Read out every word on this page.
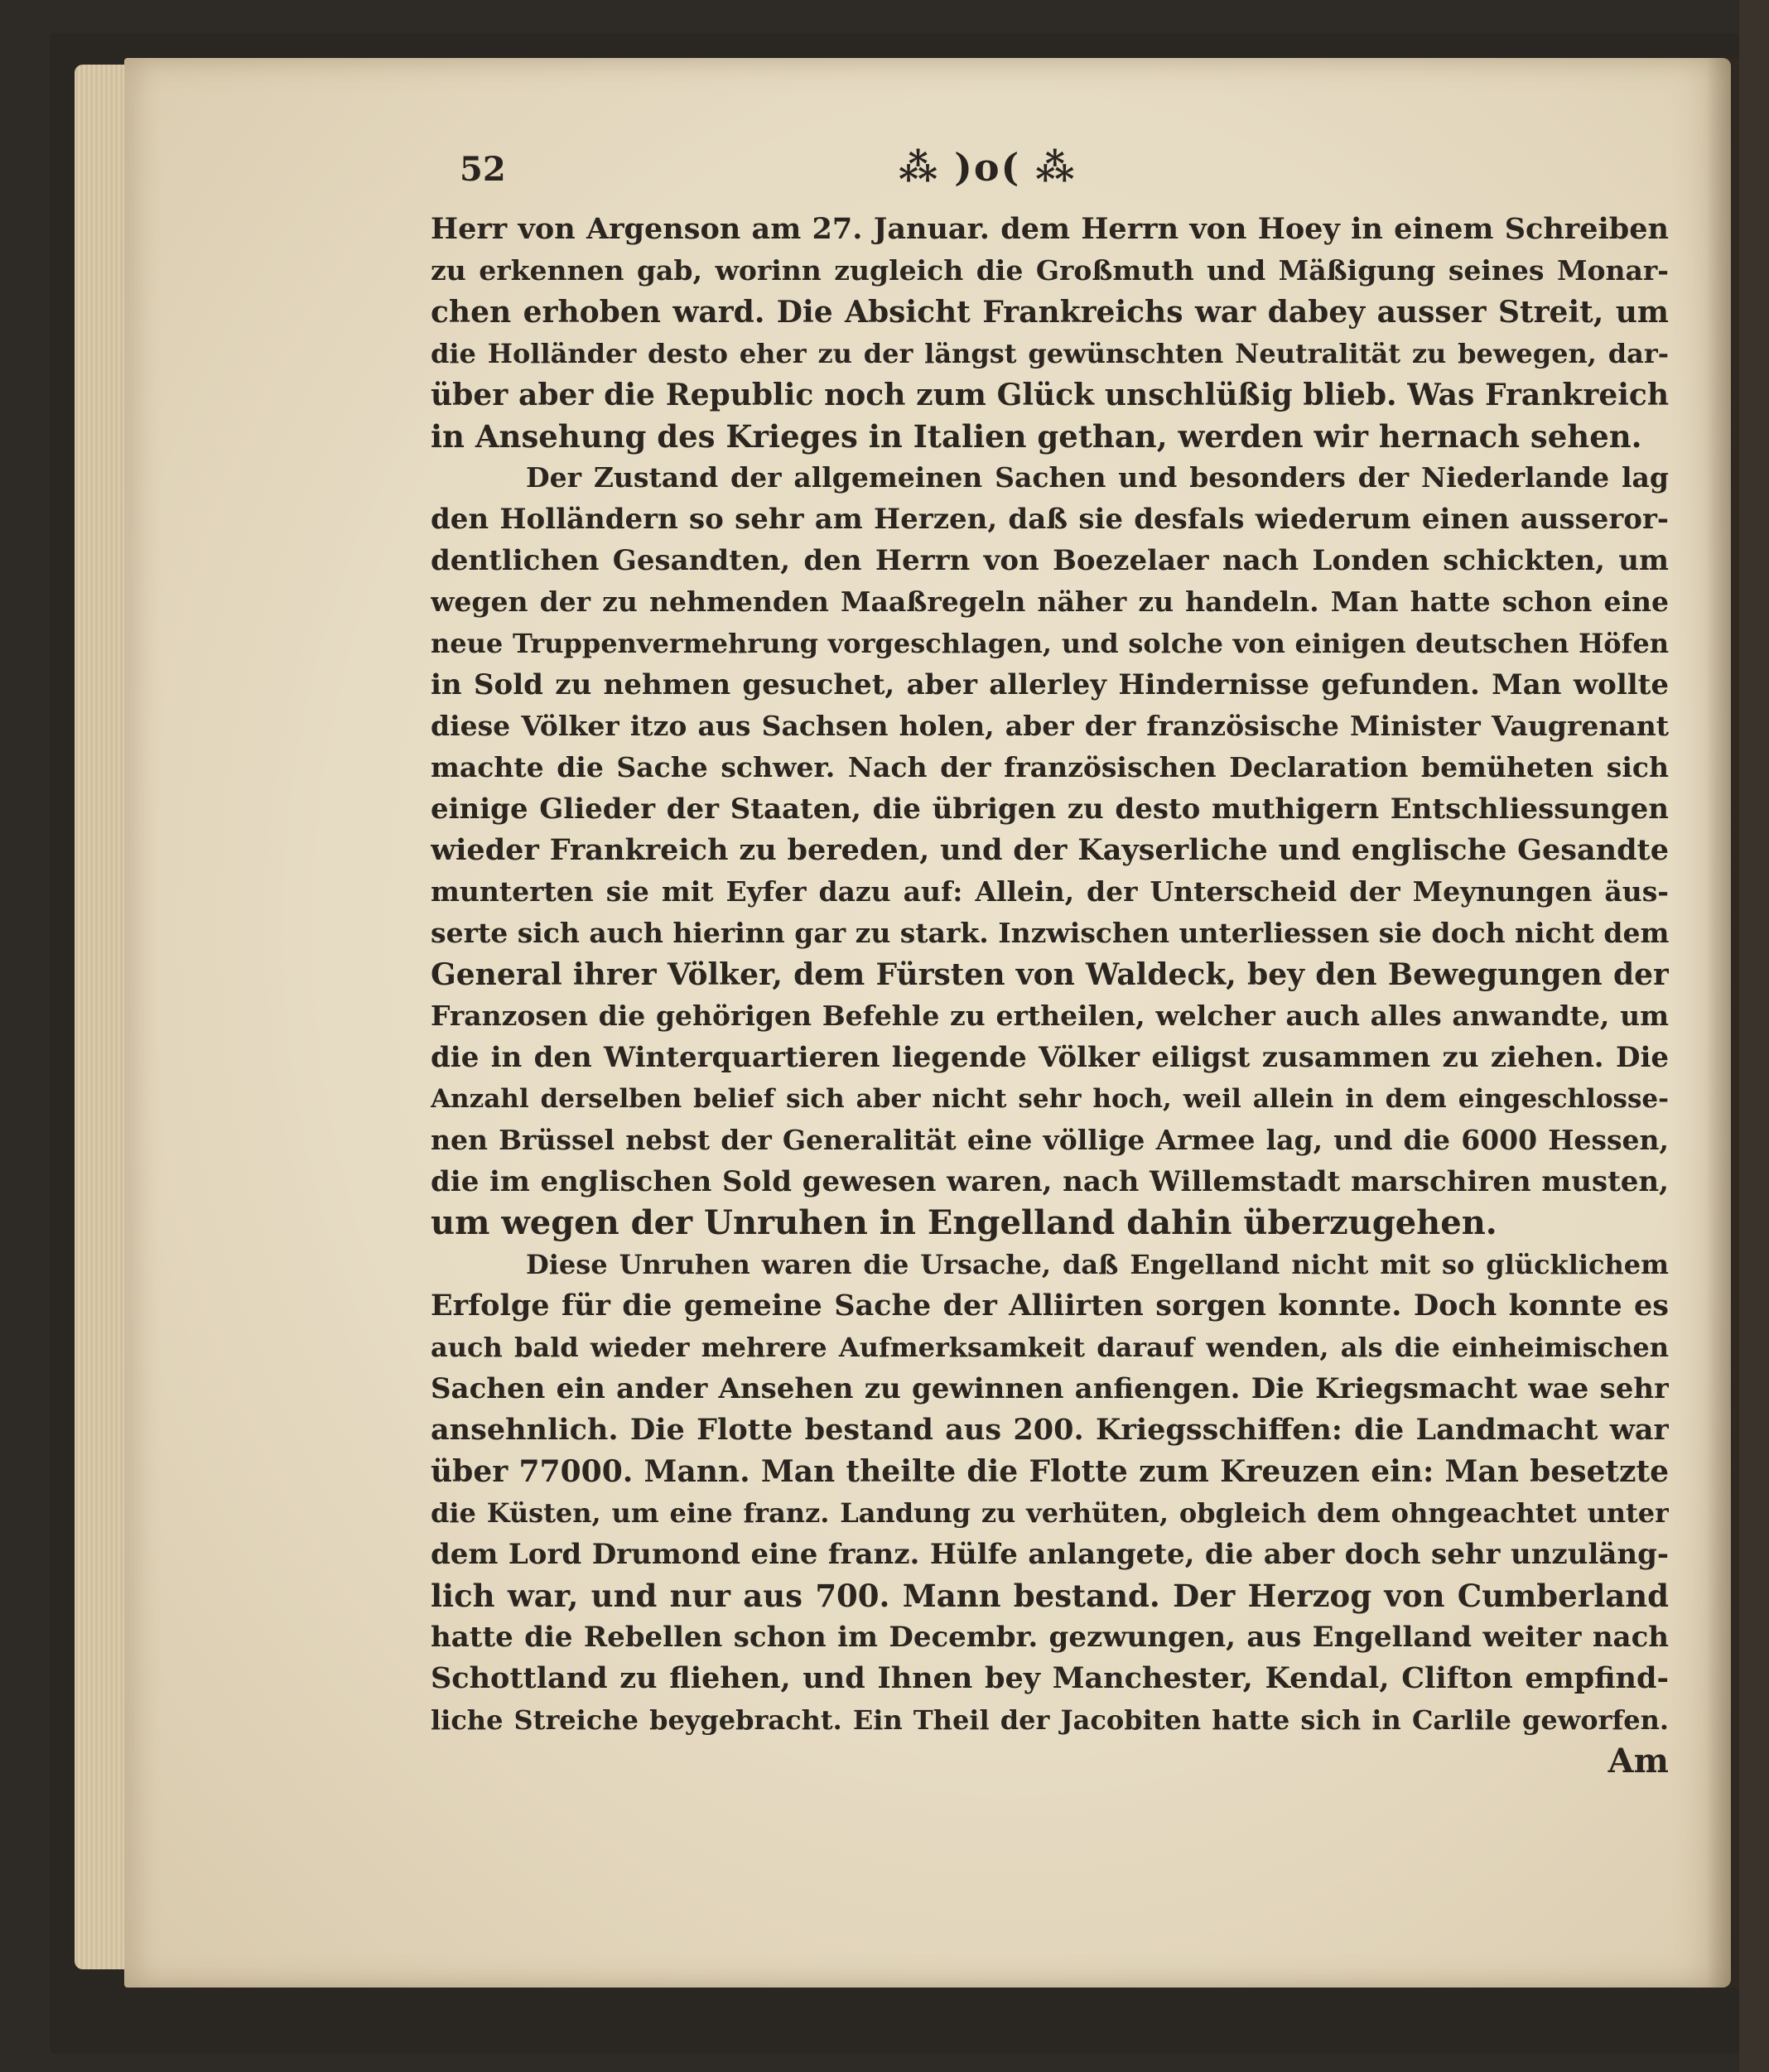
52	⁂ )o( ⁂
Herr von Argenson am 27. Januar. dem Herrn von Hoey in einem Schreiben
zu erkennen gab, worinn zugleich die Großmuth und Mäßigung seines Monar-
chen erhoben ward. Die Absicht Frankreichs war dabey ausser Streit, um
die Holländer desto eher zu der längst gewünschten Neutralität zu bewegen, dar-
über aber die Republic noch zum Glück unschlüßig blieb. Was Frankreich
in Ansehung des Krieges in Italien gethan, werden wir hernach sehen.
Der Zustand der allgemeinen Sachen und besonders der Niederlande lag
den Holländern so sehr am Herzen, daß sie desfals wiederum einen ausseror-
dentlichen Gesandten, den Herrn von Boezelaer nach Londen schickten, um
wegen der zu nehmenden Maaßregeln näher zu handeln. Man hatte schon eine
neue Truppenvermehrung vorgeschlagen, und solche von einigen deutschen Höfen
in Sold zu nehmen gesuchet, aber allerley Hindernisse gefunden. Man wollte
diese Völker itzo aus Sachsen holen, aber der französische Minister Vaugrenant
machte die Sache schwer. Nach der französischen Declaration bemüheten sich
einige Glieder der Staaten, die übrigen zu desto muthigern Entschliessungen
wieder Frankreich zu bereden, und der Kayserliche und englische Gesandte
munterten sie mit Eyfer dazu auf: Allein, der Unterscheid der Meynungen äus-
serte sich auch hierinn gar zu stark. Inzwischen unterliessen sie doch nicht dem
General ihrer Völker, dem Fürsten von Waldeck, bey den Bewegungen der
Franzosen die gehörigen Befehle zu ertheilen, welcher auch alles anwandte, um
die in den Winterquartieren liegende Völker eiligst zusammen zu ziehen. Die
Anzahl derselben belief sich aber nicht sehr hoch, weil allein in dem eingeschlosse-
nen Brüssel nebst der Generalität eine völlige Armee lag, und die 6000 Hessen,
die im englischen Sold gewesen waren, nach Willemstadt marschiren musten,
um wegen der Unruhen in Engelland dahin überzugehen.
Diese Unruhen waren die Ursache, daß Engelland nicht mit so glücklichem
Erfolge für die gemeine Sache der Alliirten sorgen konnte. Doch konnte es
auch bald wieder mehrere Aufmerksamkeit darauf wenden, als die einheimischen
Sachen ein ander Ansehen zu gewinnen anfiengen. Die Kriegsmacht wae sehr
ansehnlich. Die Flotte bestand aus 200. Kriegsschiffen: die Landmacht war
über 77000. Mann. Man theilte die Flotte zum Kreuzen ein: Man besetzte
die Küsten, um eine franz. Landung zu verhüten, obgleich dem ohngeachtet unter
dem Lord Drumond eine franz. Hülfe anlangete, die aber doch sehr unzuläng-
lich war, und nur aus 700. Mann bestand. Der Herzog von Cumberland
hatte die Rebellen schon im Decembr. gezwungen, aus Engelland weiter nach
Schottland zu fliehen, und Ihnen bey Manchester, Kendal, Clifton empfind-
liche Streiche beygebracht. Ein Theil der Jacobiten hatte sich in Carlile geworfen.
Am
